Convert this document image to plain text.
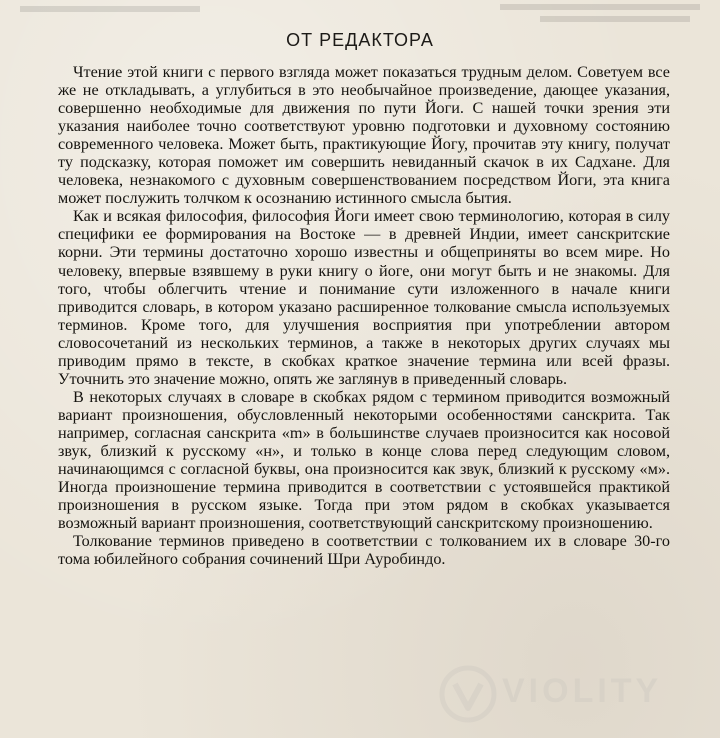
ОТ РЕДАКТОРА

Чтение этой книги с первого взгляда может показаться трудным делом. Советуем все же не откладывать, а углубиться в это необычайное произведение, дающее указания, совершенно необходимые для движения по пути Йоги. С нашей точки зрения эти указания наиболее точно соответствуют уровню подготовки и духовному состоянию современного человека. Может быть, практикующие Йогу, прочитав эту книгу, получат ту подсказку, которая поможет им совершить невиданный скачок в их Садхане. Для человека, незнакомого с духовным совершенствованием посредством Йоги, эта книга может послужить толчком к осознанию истинного смысла бытия.

Как и всякая философия, философия Йоги имеет свою терминологию, которая в силу специфики ее формирования на Востоке — в древней Индии, имеет санскритские корни. Эти термины достаточно хорошо известны и общеприняты во всем мире. Но человеку, впервые взявшему в руки книгу о йоге, они могут быть и не знакомы. Для того, чтобы облегчить чтение и понимание сути изложенного в начале книги приводится словарь, в котором указано расширенное толкование смысла используемых терминов. Кроме того, для улучшения восприятия при употреблении автором словосочетаний из нескольких терминов, а также в некоторых других случаях мы приводим прямо в тексте, в скобках краткое значение термина или всей фразы. Уточнить это значение можно, опять же заглянув в приведенный словарь.

В некоторых случаях в словаре в скобках рядом с термином приводится возможный вариант произношения, обусловленный некоторыми особенностями санскрита. Так например, согласная санскрита «m» в большинстве случаев произносится как носовой звук, близкий к русскому «н», и только в конце слова перед следующим словом, начинающимся с согласной буквы, она произносится как звук, близкий к русскому «м». Иногда произношение термина приводится в соответствии с устоявшейся практикой произношения в русском языке. Тогда при этом рядом в скобках указывается возможный вариант произношения, соответствующий санскритскому произношению.

Толкование терминов приведено в соответствии с толкованием их в словаре 30-го тома юбилейного собрания сочинений Шри Ауробиндо.

VIOLITY
